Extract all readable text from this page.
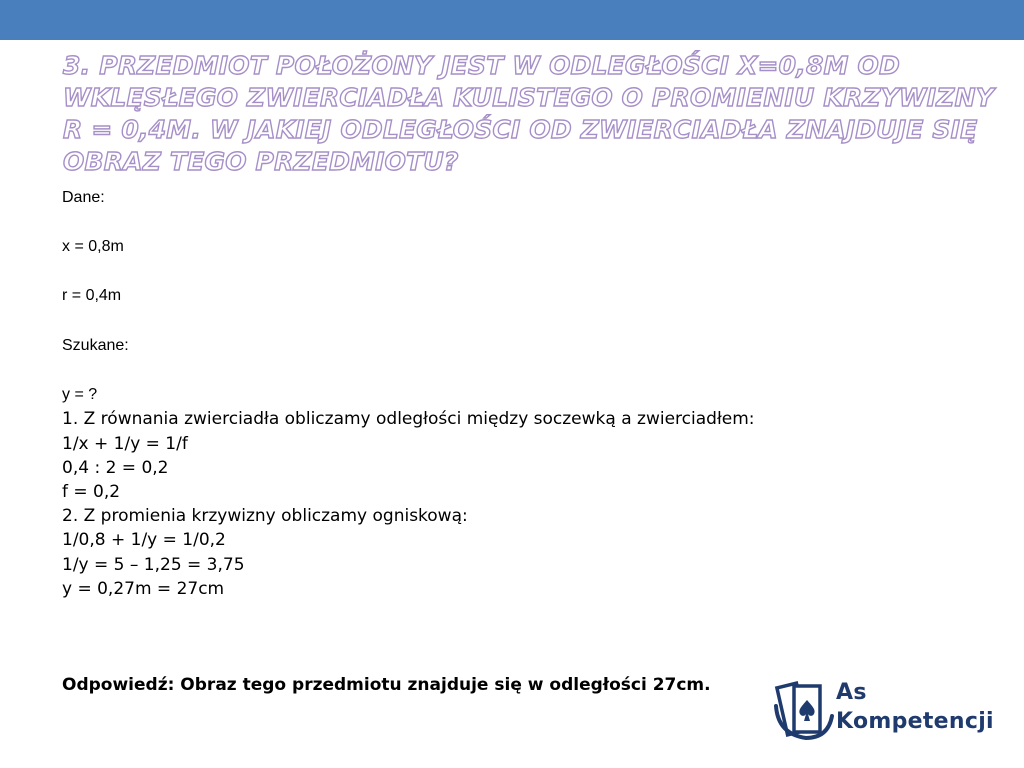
3. PRZEDMIOT POŁOŻONY JEST W ODLEGŁOŚCI X=0,8M OD WKLĘSŁEGO ZWIERCIADŁA KULISTEGO O PROMIENIU KRZYWIZNY R = 0,4M. W JAKIEJ ODLEGŁOŚCI OD ZWIERCIADŁA ZNAJDUJE SIĘ OBRAZ TEGO PRZEDMIOTU?

Dane:

x = 0,8m

r = 0,4m

Szukane:

y = ?

1. Z równania zwierciadła obliczamy odległości między soczewką a zwierciadłem:

1/x + 1/y = 1/f

0,4 : 2 = 0,2

f = 0,2

2. Z promienia krzywizny obliczamy ogniskową:

1/0,8 + 1/y = 1/0,2

1/y = 5 – 1,25 = 3,75

y = 0,27m = 27cm

Odpowiedź: Obraz tego przedmiotu znajduje się w odległości 27cm.	As
Kompetencji
